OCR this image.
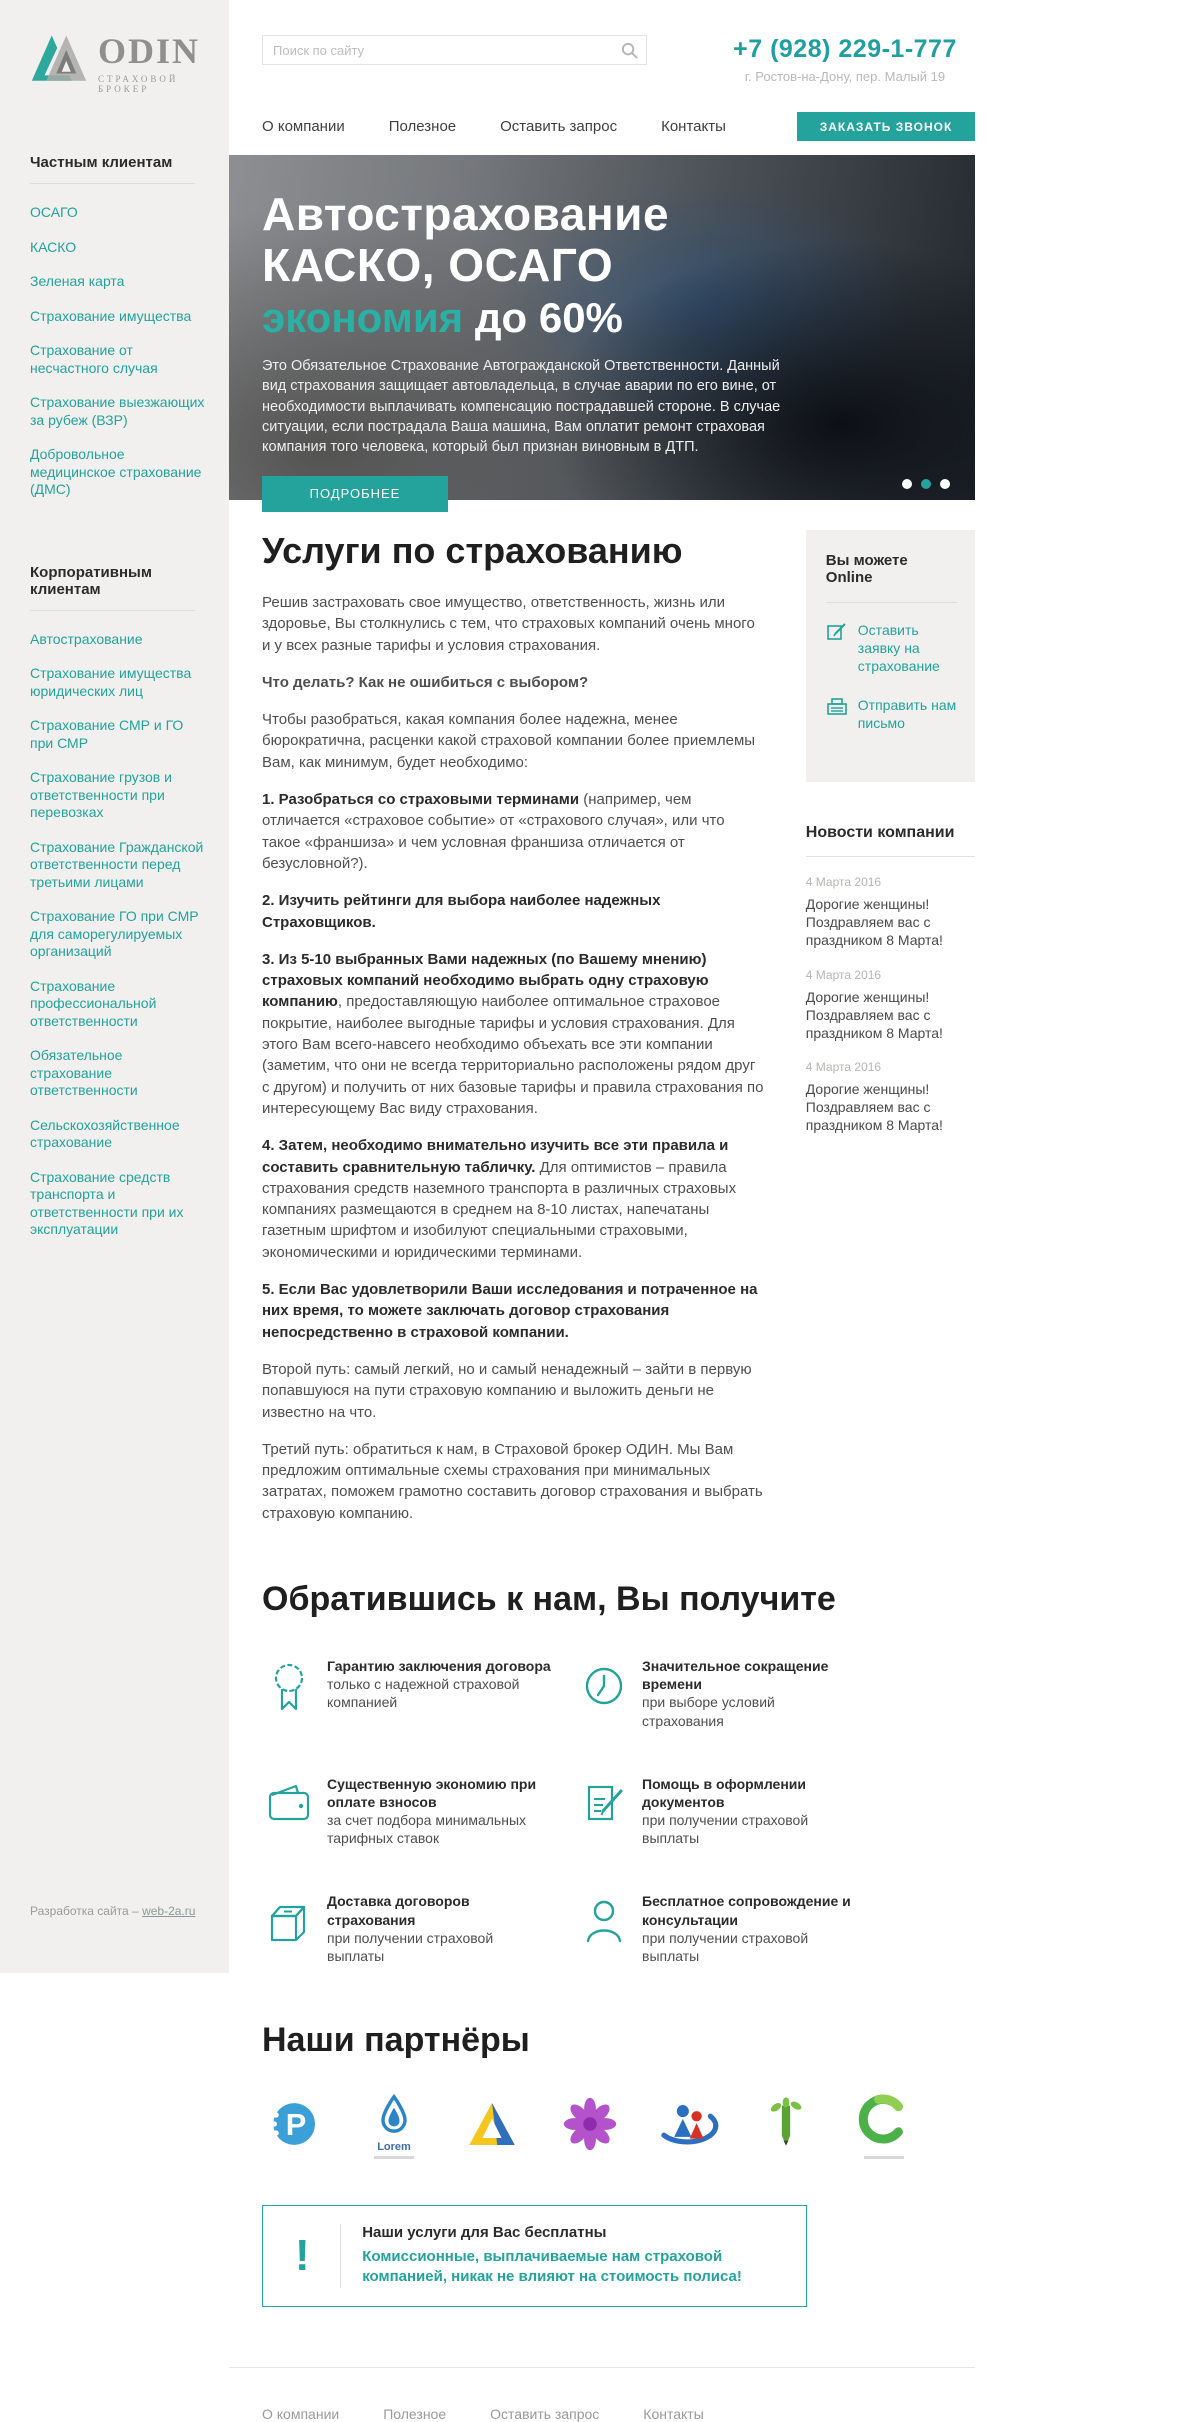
ODIN
СТРАХОВОЙ БРОКЕР
Частным клиентам
ОСАГО
КАСКО
Зеленая карта
Страхование имущества
Страхование от несчастного случая
Страхование выезжающих за рубеж (ВЗР)
Добровольное медицинское страхование (ДМС)
Корпоративным клиентам
Автострахование
Страхование имущества юридических лиц
Страхование СМР и ГО при СМР
Страхование грузов и ответственности при перевозках
Страхование Гражданской ответственности перед третьими лицами
Страхование ГО при СМР для саморегулируемых организаций
Страхование профессиональной ответственности
Обязательное страхование ответственности
Сельскохозяйственное страхование
Страхование средств транспорта и ответственности при их эксплуатации
Разработка сайта – web-2a.ru
Поиск по сайту
+7 (928) 229-1-777
г. Ростов-на-Дону, пер. Малый 19
О компании	Полезное	Оставить запрос	Контакты	ЗАКАЗАТЬ ЗВОНОК
Автострахование
КАСКО, ОСАГО
экономия до 60%

Это Обязательное Страхование Автогражданской Ответственности. Данный вид страхования защищает автовладельца, в случае аварии по его вине, от необходимости выплачивать компенсацию пострадавшей стороне. В случае ситуации, если пострадала Ваша машина, Вам оплатит ремонт страховая компания того человека, который был признан виновным в ДТП.

ПОДРОБНЕЕ
Услуги по страхованию

Решив застраховать свое имущество, ответственность, жизнь или здоровье, Вы столкнулись с тем, что страховых компаний очень много и у всех разные тарифы и условия страхования.

Что делать? Как не ошибиться с выбором?

Чтобы разобраться, какая компания более надежна, менее бюрократична, расценки какой страховой компании более приемлемы Вам, как минимум, будет необходимо:

1. Разобраться со страховыми терминами (например, чем отличается «страховое событие» от «страхового случая», или что такое «франшиза» и чем условная франшиза отличается от безусловной?).

2. Изучить рейтинги для выбора наиболее надежных Страховщиков.

3. Из 5-10 выбранных Вами надежных (по Вашему мнению) страховых компаний необходимо выбрать одну страховую компанию, предоставляющую наиболее оптимальное страховое покрытие, наиболее выгодные тарифы и условия страхования. Для этого Вам всего-навсего необходимо объехать все эти компании (заметим, что они не всегда территориально расположены рядом друг с другом) и получить от них базовые тарифы и правила страхования по интересующему Вас виду страхования.

4. Затем, необходимо внимательно изучить все эти правила и составить сравнительную табличку. Для оптимистов – правила страхования средств наземного транспорта в различных страховых компаниях размещаются в среднем на 8-10 листах, напечатаны газетным шрифтом и изобилуют специальными страховыми, экономическими и юридическими терминами.

5. Если Вас удовлетворили Ваши исследования и потраченное на них время, то можете заключать договор страхования непосредственно в страховой компании.

Второй путь: самый легкий, но и самый ненадежный – зайти в первую попавшуюся на пути страховую компанию и выложить деньги не известно на что.

Третий путь: обратиться к нам, в Страховой брокер ОДИН. Мы Вам предложим оптимальные схемы страхования при минимальных затратах, поможем грамотно составить договор страхования и выбрать страховую компанию.

Вы можете Online
Оставить заявку на страхование
Отправить нам письмо
Новости компании
4 Марта 2016
Дорогие женщины! Поздравляем вас с праздником 8 Марта!
4 Марта 2016
Дорогие женщины! Поздравляем вас с праздником 8 Марта!
4 Марта 2016
Дорогие женщины! Поздравляем вас с праздником 8 Марта!
Обратившись к нам, Вы получите
Гарантию заключения договора
только с надежной страховой компанией
Значительное сокращение времени
при выборе условий страхования
Существенную экономию при оплате взносов
за счет подбора минимальных тарифных ставок
Помощь в оформлении документов
при получении страховой выплаты
Доставка договоров страхования
при получении страховой выплаты
Бесплатное сопровождение и консультации
при получении страховой выплаты
Наши партнёры
P
Lorem
!	Наши услуги для Вас бесплатны
Комиссионные, выплачиваемые нам страховой компанией, никак не влияют на стоимость полиса!
О компании	Полезное	Оставить запрос	Контакты
